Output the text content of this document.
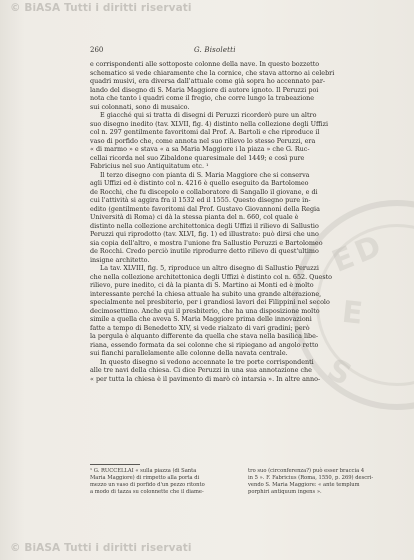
© BiASA Tutti i diritti riservati
ED
E
S
260	G. Bisoletti

e corrispondenti alle sottoposte colonne della nave. In questo bozzetto

schematico si vede chiaramente che la cornice, che stava attorno ai celebri

quadri musivi, era diversa dall'attuale come già sopra ho accennato par-

lando del disegno di S. Maria Maggiore di autore ignoto. Il Peruzzi poi

nota che tanto i quadri come il fregio, che corre lungo la trabeazione

sui colonnati, sono di musaico.

E giacché qui si tratta di disegni di Peruzzi ricorderò pure un altro

suo disegno inedito (tav. XLVII, fig. 4) distinto nella collezione degli Uffizi

col n. 297 gentilmente favoritomi dal Prof. A. Bartoli e che riproduce il

vaso di porfido che, come annota nel suo rilievo lo stesso Peruzzi, era

« di marmo » e stava « a sa Maria Maggiore i la piaza » che G. Ruc-

cellai ricorda nel suo Zibaldone quaresimale del 1449; e così pure

Fabricius nel suo Antiquitatum etc. ¹

Il terzo disegno con pianta di S. Maria Maggiore che si conserva

agli Uffizi ed è distinto col n. 4216 è quello eseguito da Bartolomeo

de Rocchi, che fu discepolo e collaboratore di Sangallo il giovane, e di

cui l'attività si aggira fra il 1532 ed il 1555. Questo disegno pure in-

edito (gentilmente favoritomi dal Prof. Gustavo Giovannoni della Regia

Università di Roma) ci dà la stessa pianta del n. 660, col quale è

distinto nella collezione architettonica degli Uffizi il rilievo di Sallustio

Peruzzi qui riprodotto (tav. XLVI, fig. 1) ed illustrato: può dirsi che uno

sia copia dell'altro, e mostra l'unione fra Sallustio Peruzzi e Bartolomeo

de Rocchi. Credo perciò inutile riprodurre detto rilievo di quest'ultimo

insigne architetto.

La tav. XLVIII, fig. 5, riproduce un altro disegno di Sallustio Peruzzi

che nella collezione architettonica degli Uffizi è distinto col n. 652. Questo

rilievo, pure inedito, ci dà la pianta di S. Martino ai Monti ed è molto

interessante perché la chiesa attuale ha subito una grande alterazione,

specialmente nel presbiterio, per i grandiosi lavori dei Filippini nel secolo

decimosettimo. Anche qui il presbiterio, che ha una disposizione molto

simile a quella che aveva S. Maria Maggiore prima delle innovazioni

fatte a tempo di Benedetto XIV, si vede rialzato di vari gradini; però

la pergula è alquanto differente da quella che stava nella basilica libe-

riana, essendo formata da sei colonne che si ripiegano ad angolo retto

sui fianchi parallelamente alle colonne della navata centrale.

In questo disegno si vedono accennate le tre porte corrispondenti

alle tre navi della chiesa. Ci dice Peruzzi in una sua annotazione che

« per tutta la chiesa è il pavimento di marò cò intarsia ». In altre anno-

¹ G. RUCCELLAI « sulla piazza (di Santa
Maria Maggiore) di rimpetto alla porta di
mezzo un vaso di porfido d'un pezzo ritonto
a modo di tazza su colonnette che il diame-
tro suo (circonferenza?) può esser braccia 4
in 5 ». F. Fabricius (Roma, 1550, p. 269) descri-
vendo S. Maria Maggiore: « ante templum
porphiri antiquum ingens ».
© BiASA Tutti i diritti riservati
